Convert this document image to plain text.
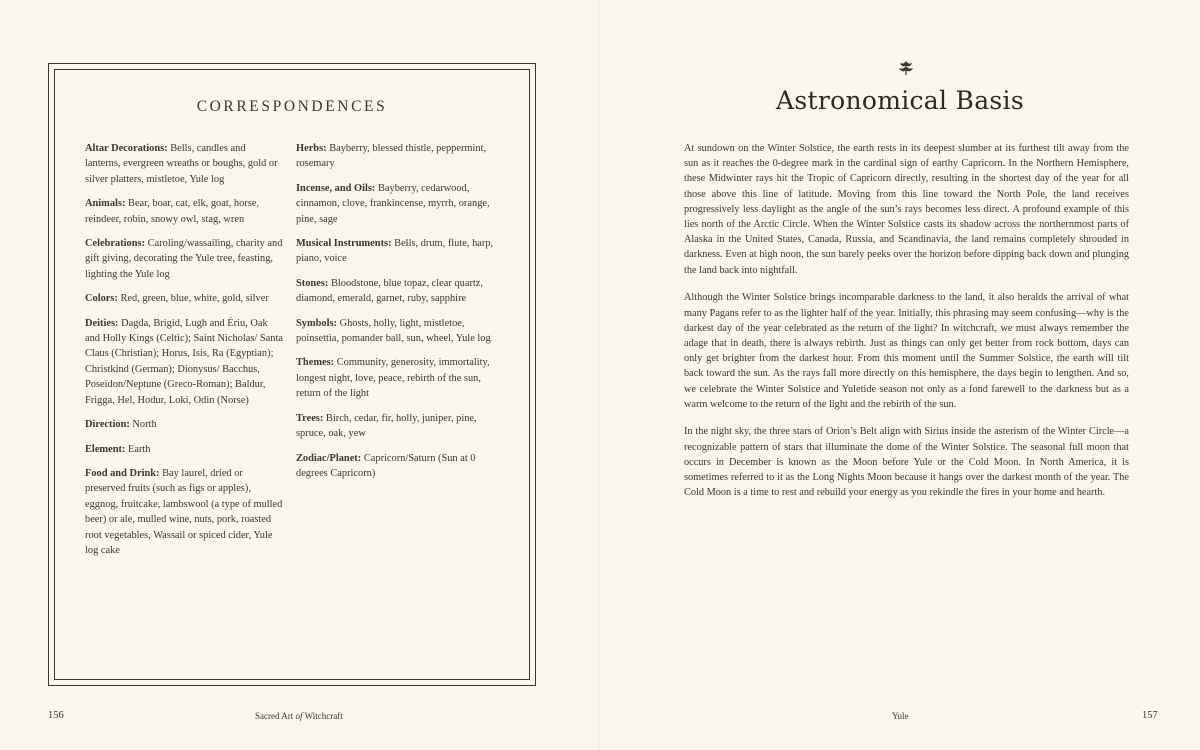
CORRESPONDENCES
Altar Decorations: Bells, candles and lanterns, evergreen wreaths or boughs, gold or silver platters, mistletoe, Yule log
Animals: Bear, boar, cat, elk, goat, horse, reindeer, robin, snowy owl, stag, wren
Celebrations: Caroling/wassailing, charity and gift giving, decorating the Yule tree, feasting, lighting the Yule log
Colors: Red, green, blue, white, gold, silver
Deities: Dagda, Brigid, Lugh and Ériu, Oak and Holly Kings (Celtic); Saint Nicholas/ Santa Claus (Christian); Horus, Isis, Ra (Egyptian); Christkind (German); Dionysus/ Bacchus, Poseidon/Neptune (Greco-Roman); Baldur, Frigga, Hel, Hodur, Loki, Odin (Norse)
Direction: North
Element: Earth
Food and Drink: Bay laurel, dried or preserved fruits (such as figs or apples), eggnog, fruitcake, lambswool (a type of mulled beer) or ale, mulled wine, nuts, pork, roasted root vegetables, Wassail or spiced cider, Yule log cake
Herbs: Bayberry, blessed thistle, peppermint, rosemary
Incense, and Oils: Bayberry, cedarwood, cinnamon, clove, frankincense, myrrh, orange, pine, sage
Musical Instruments: Bells, drum, flute, harp, piano, voice
Stones: Bloodstone, blue topaz, clear quartz, diamond, emerald, garnet, ruby, sapphire
Symbols: Ghosts, holly, light, mistletoe, poinsettia, pomander ball, sun, wheel, Yule log
Themes: Community, generosity, immortality, longest night, love, peace, rebirth of the sun, return of the light
Trees: Birch, cedar, fir, holly, juniper, pine, spruce, oak, yew
Zodiac/Planet: Capricorn/Saturn (Sun at 0 degrees Capricorn)
156	Sacred Art of Witchcraft
Astronomical Basis

At sundown on the Winter Solstice, the earth rests in its deepest slumber at its furthest tilt away from the sun as it reaches the 0-degree mark in the cardinal sign of earthy Capricorn. In the Northern Hemisphere, these Midwinter rays hit the Tropic of Capricorn directly, resulting in the shortest day of the year for all those above this line of latitude. Moving from this line toward the North Pole, the land receives progressively less daylight as the angle of the sun’s rays becomes less direct. A profound example of this lies north of the Arctic Circle. When the Winter Solstice casts its shadow across the northernmost parts of Alaska in the United States, Canada, Russia, and Scandinavia, the land remains completely shrouded in darkness. Even at high noon, the sun barely peeks over the horizon before dipping back down and plunging the land back into nightfall.

Although the Winter Solstice brings incomparable darkness to the land, it also heralds the arrival of what many Pagans refer to as the lighter half of the year. Initially, this phrasing may seem confusing—why is the darkest day of the year celebrated as the return of the light? In witchcraft, we must always remember the adage that in death, there is always rebirth. Just as things can only get better from rock bottom, days can only get brighter from the darkest hour. From this moment until the Summer Solstice, the earth will tilt back toward the sun. As the rays fall more directly on this hemisphere, the days begin to lengthen. And so, we celebrate the Winter Solstice and Yuletide season not only as a fond farewell to the darkness but as a warm welcome to the return of the light and the rebirth of the sun.

In the night sky, the three stars of Orion’s Belt align with Sirius inside the asterism of the Winter Circle—a recognizable pattern of stars that illuminate the dome of the Winter Solstice. The seasonal full moon that occurs in December is known as the Moon before Yule or the Cold Moon. In North America, it is sometimes referred to it as the Long Nights Moon because it hangs over the darkest month of the year. The Cold Moon is a time to rest and rebuild your energy as you rekindle the fires in your home and hearth.

Yule	157
